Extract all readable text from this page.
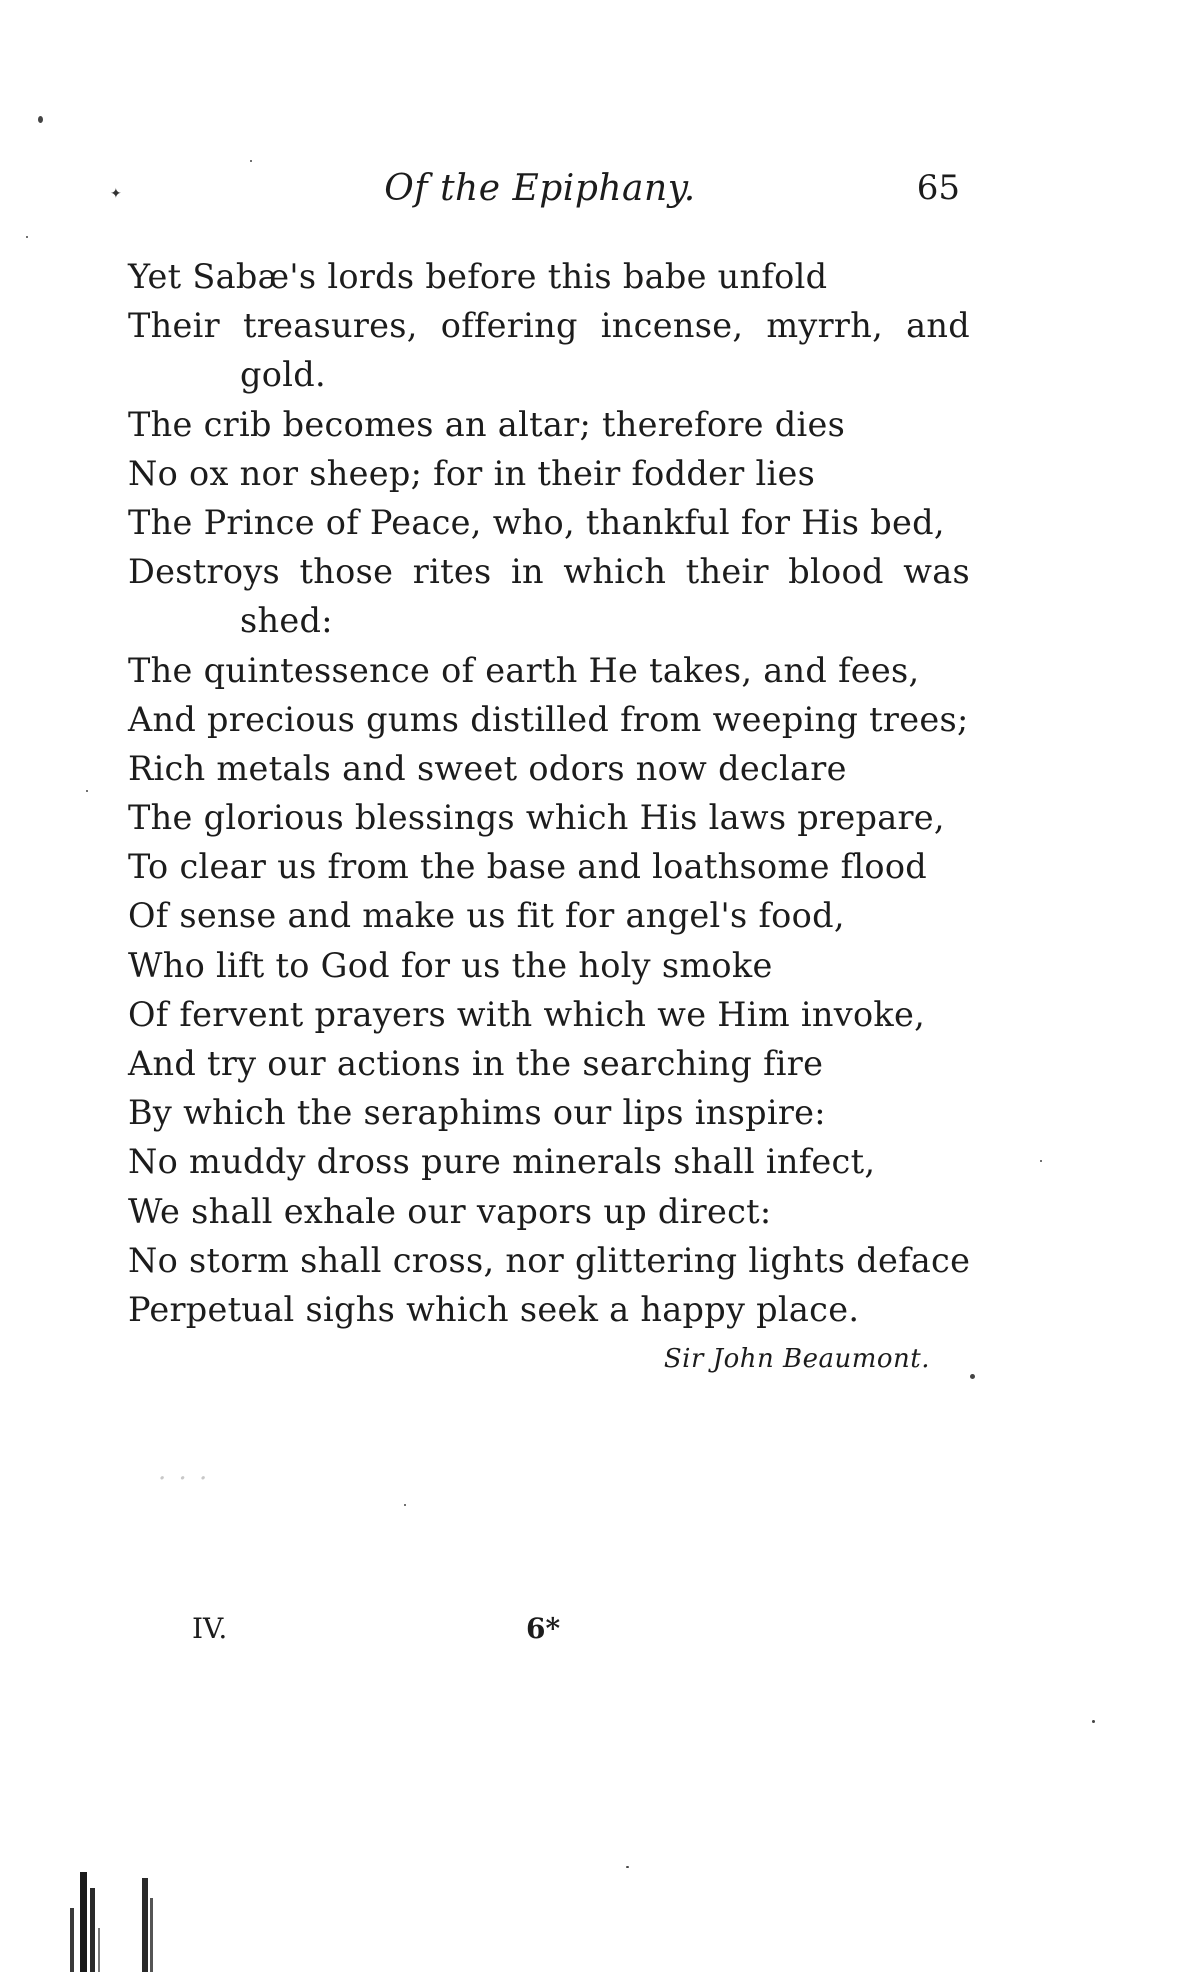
✦	Of the Epiphany.	65
Yet Sabæ's lords before this babe unfold
Their treasures, offering incense, myrrh, and
gold.
The crib becomes an altar; therefore dies
No ox nor sheep; for in their fodder lies
The Prince of Peace, who, thankful for His bed,
Destroys those rites in which their blood was
shed:
The quintessence of earth He takes, and fees,
And precious gums distilled from weeping trees;
Rich metals and sweet odors now declare
The glorious blessings which His laws prepare,
To clear us from the base and loathsome flood
Of sense and make us fit for angel's food,
Who lift to God for us the holy smoke
Of fervent prayers with which we Him invoke,
And try our actions in the searching fire
By which the seraphims our lips inspire:
No muddy dross pure minerals shall infect,
We shall exhale our vapors up direct:
No storm shall cross, nor glittering lights deface
Perpetual sighs which seek a happy place.
Sir John Beaumont.
· · ·
IV.	6*
